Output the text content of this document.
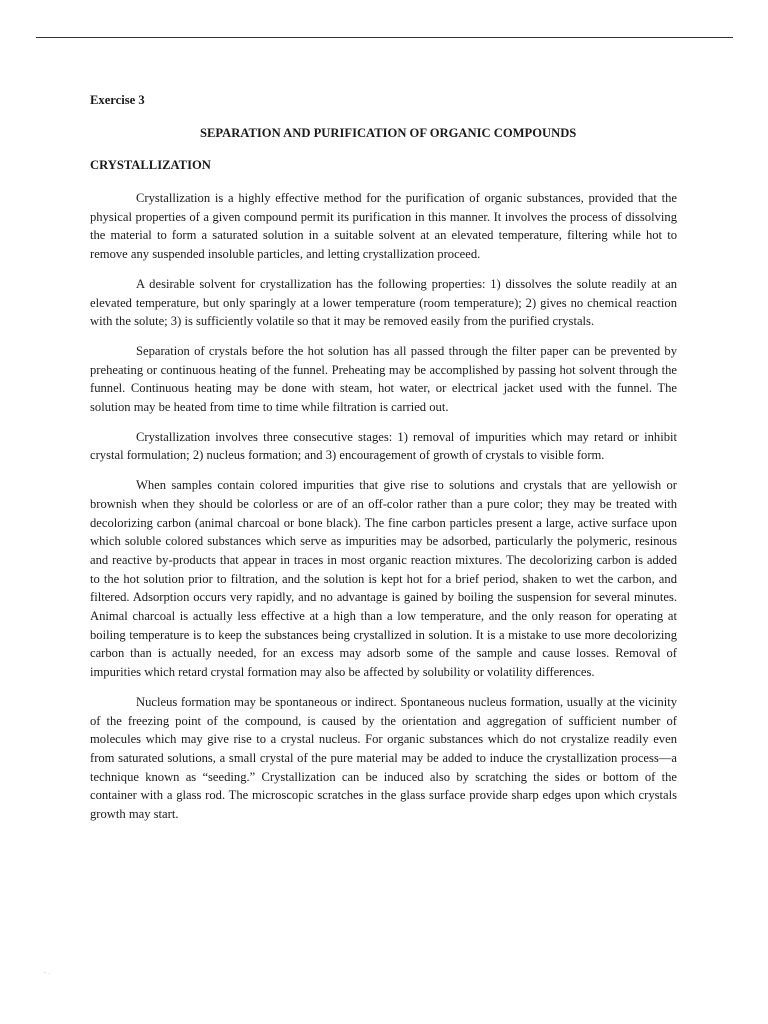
Exercise 3

SEPARATION AND PURIFICATION OF ORGANIC COMPOUNDS

CRYSTALLIZATION

Crystallization is a highly effective method for the purification of organic substances, provided that the physical properties of a given compound permit its purification in this manner. It involves the process of dissolving the material to form a saturated solution in a suitable solvent at an elevated temperature, filtering while hot to remove any suspended insoluble particles, and letting crystallization proceed.

A desirable solvent for crystallization has the following properties: 1) dissolves the solute readily at an elevated temperature, but only sparingly at a lower temperature (room temperature); 2) gives no chemical reaction with the solute; 3) is sufficiently volatile so that it may be removed easily from the purified crystals.

Separation of crystals before the hot solution has all passed through the filter paper can be prevented by preheating or continuous heating of the funnel. Preheating may be accomplished by passing hot solvent through the funnel. Continuous heating may be done with steam, hot water, or electrical jacket used with the funnel. The solution may be heated from time to time while filtration is carried out.

Crystallization involves three consecutive stages: 1) removal of impurities which may retard or inhibit crystal formulation; 2) nucleus formation; and 3) encouragement of growth of crystals to visible form.

When samples contain colored impurities that give rise to solutions and crystals that are yellowish or brownish when they should be colorless or are of an off-color rather than a pure color; they may be treated with decolorizing carbon (animal charcoal or bone black). The fine carbon particles present a large, active surface upon which soluble colored substances which serve as impurities may be adsorbed, particularly the polymeric, resinous and reactive by-products that appear in traces in most organic reaction mixtures. The decolorizing carbon is added to the hot solution prior to filtration, and the solution is kept hot for a brief period, shaken to wet the carbon, and filtered. Adsorption occurs very rapidly, and no advantage is gained by boiling the suspension for several minutes. Animal charcoal is actually less effective at a high than a low temperature, and the only reason for operating at boiling temperature is to keep the substances being crystallized in solution. It is a mistake to use more decolorizing carbon than is actually needed, for an excess may adsorb some of the sample and cause losses. Removal of impurities which retard crystal formation may also be affected by solubility or volatility differences.

Nucleus formation may be spontaneous or indirect. Spontaneous nucleus formation, usually at the vicinity of the freezing point of the compound, is caused by the orientation and aggregation of sufficient number of molecules which may give rise to a crystal nucleus. For organic substances which do not crystalize readily even from saturated solutions, a small crystal of the pure material may be added to induce the crystallization process—a technique known as “seeding.” Crystallization can be induced also by scratching the sides or bottom of the container with a glass rod. The microscopic scratches in the glass surface provide sharp edges upon which crystals growth may start.

- .
